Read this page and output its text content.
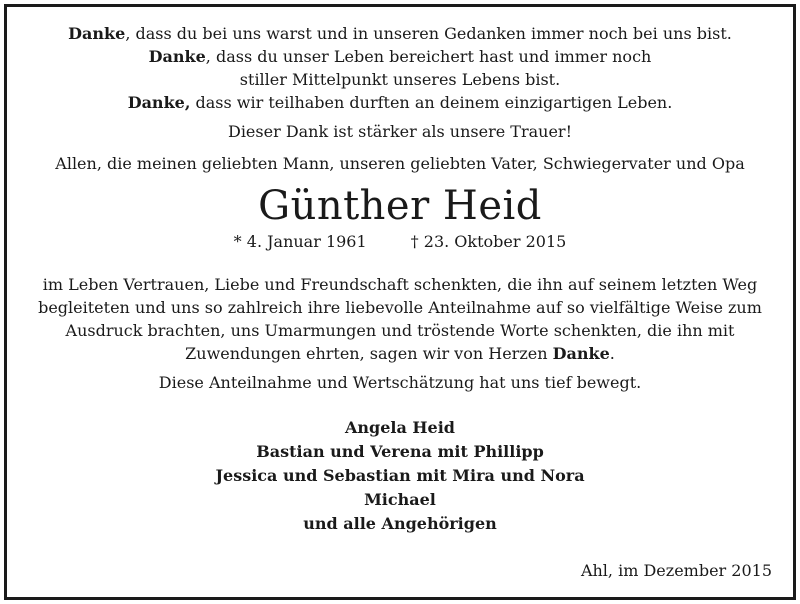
Danke, dass du bei uns warst und in unseren Gedanken immer noch bei uns bist.
Danke, dass du unser Leben bereichert hast und immer noch
stiller Mittelpunkt unseres Lebens bist.
Danke, dass wir teilhaben durften an deinem einzigartigen Leben.
Dieser Dank ist stärker als unsere Trauer!
Allen, die meinen geliebten Mann, unseren geliebten Vater, Schwiegervater und Opa
Günther Heid
* 4. Januar 1961	† 23. Oktober 2015
im Leben Vertrauen, Liebe und Freundschaft schenkten, die ihn auf seinem letzten Weg
begleiteten und uns so zahlreich ihre liebevolle Anteilnahme auf so vielfältige Weise zum
Ausdruck brachten, uns Umarmungen und tröstende Worte schenkten, die ihn mit
Zuwendungen ehrten, sagen wir von Herzen Danke.
Diese Anteilnahme und Wertschätzung hat uns tief bewegt.
Angela Heid
Bastian und Verena mit Phillipp
Jessica und Sebastian mit Mira und Nora
Michael
und alle Angehörigen
Ahl, im Dezember 2015
